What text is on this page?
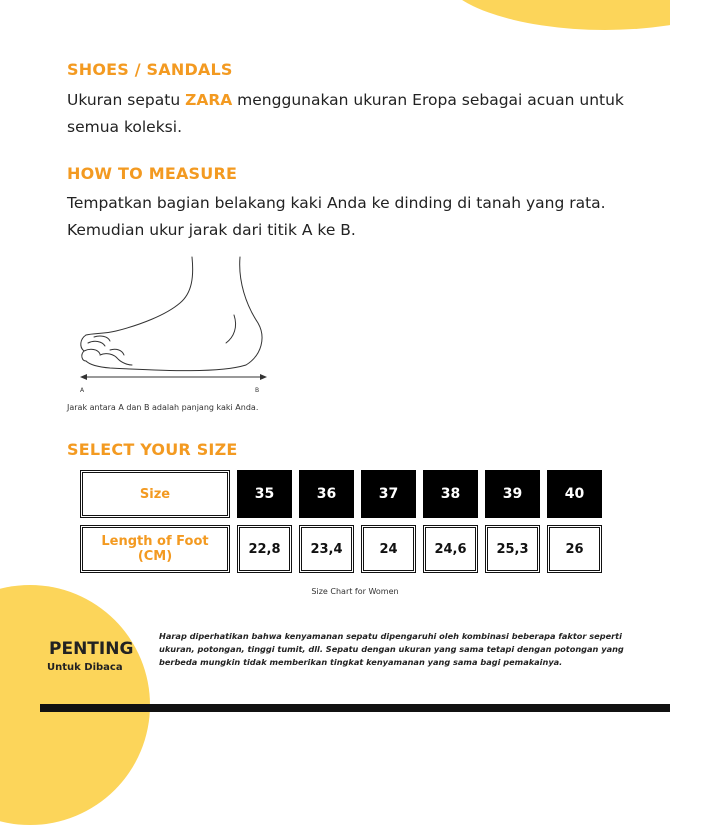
SHOES / SANDALS
Ukuran sepatu ZARA menggunakan ukuran Eropa sebagai acuan untuk semua koleksi.
HOW TO MEASURE
Tempatkan bagian belakang kaki Anda ke dinding di tanah yang rata. Kemudian ukur jarak dari titik A ke B.
A	B
Jarak antara A dan B adalah panjang kaki Anda.
SELECT YOUR SIZE
Size	35	36	37	38	39	40
Length of Foot (CM)	22,8	23,4	24	24,6	25,3	26
Size Chart for Women
PENTING
Untuk Dibaca
Harap diperhatikan bahwa kenyamanan sepatu dipengaruhi oleh kombinasi beberapa faktor seperti ukuran, potongan, tinggi tumit, dll. Sepatu dengan ukuran yang sama tetapi dengan potongan yang berbeda mungkin tidak memberikan tingkat kenyamanan yang sama bagi pemakainya.
